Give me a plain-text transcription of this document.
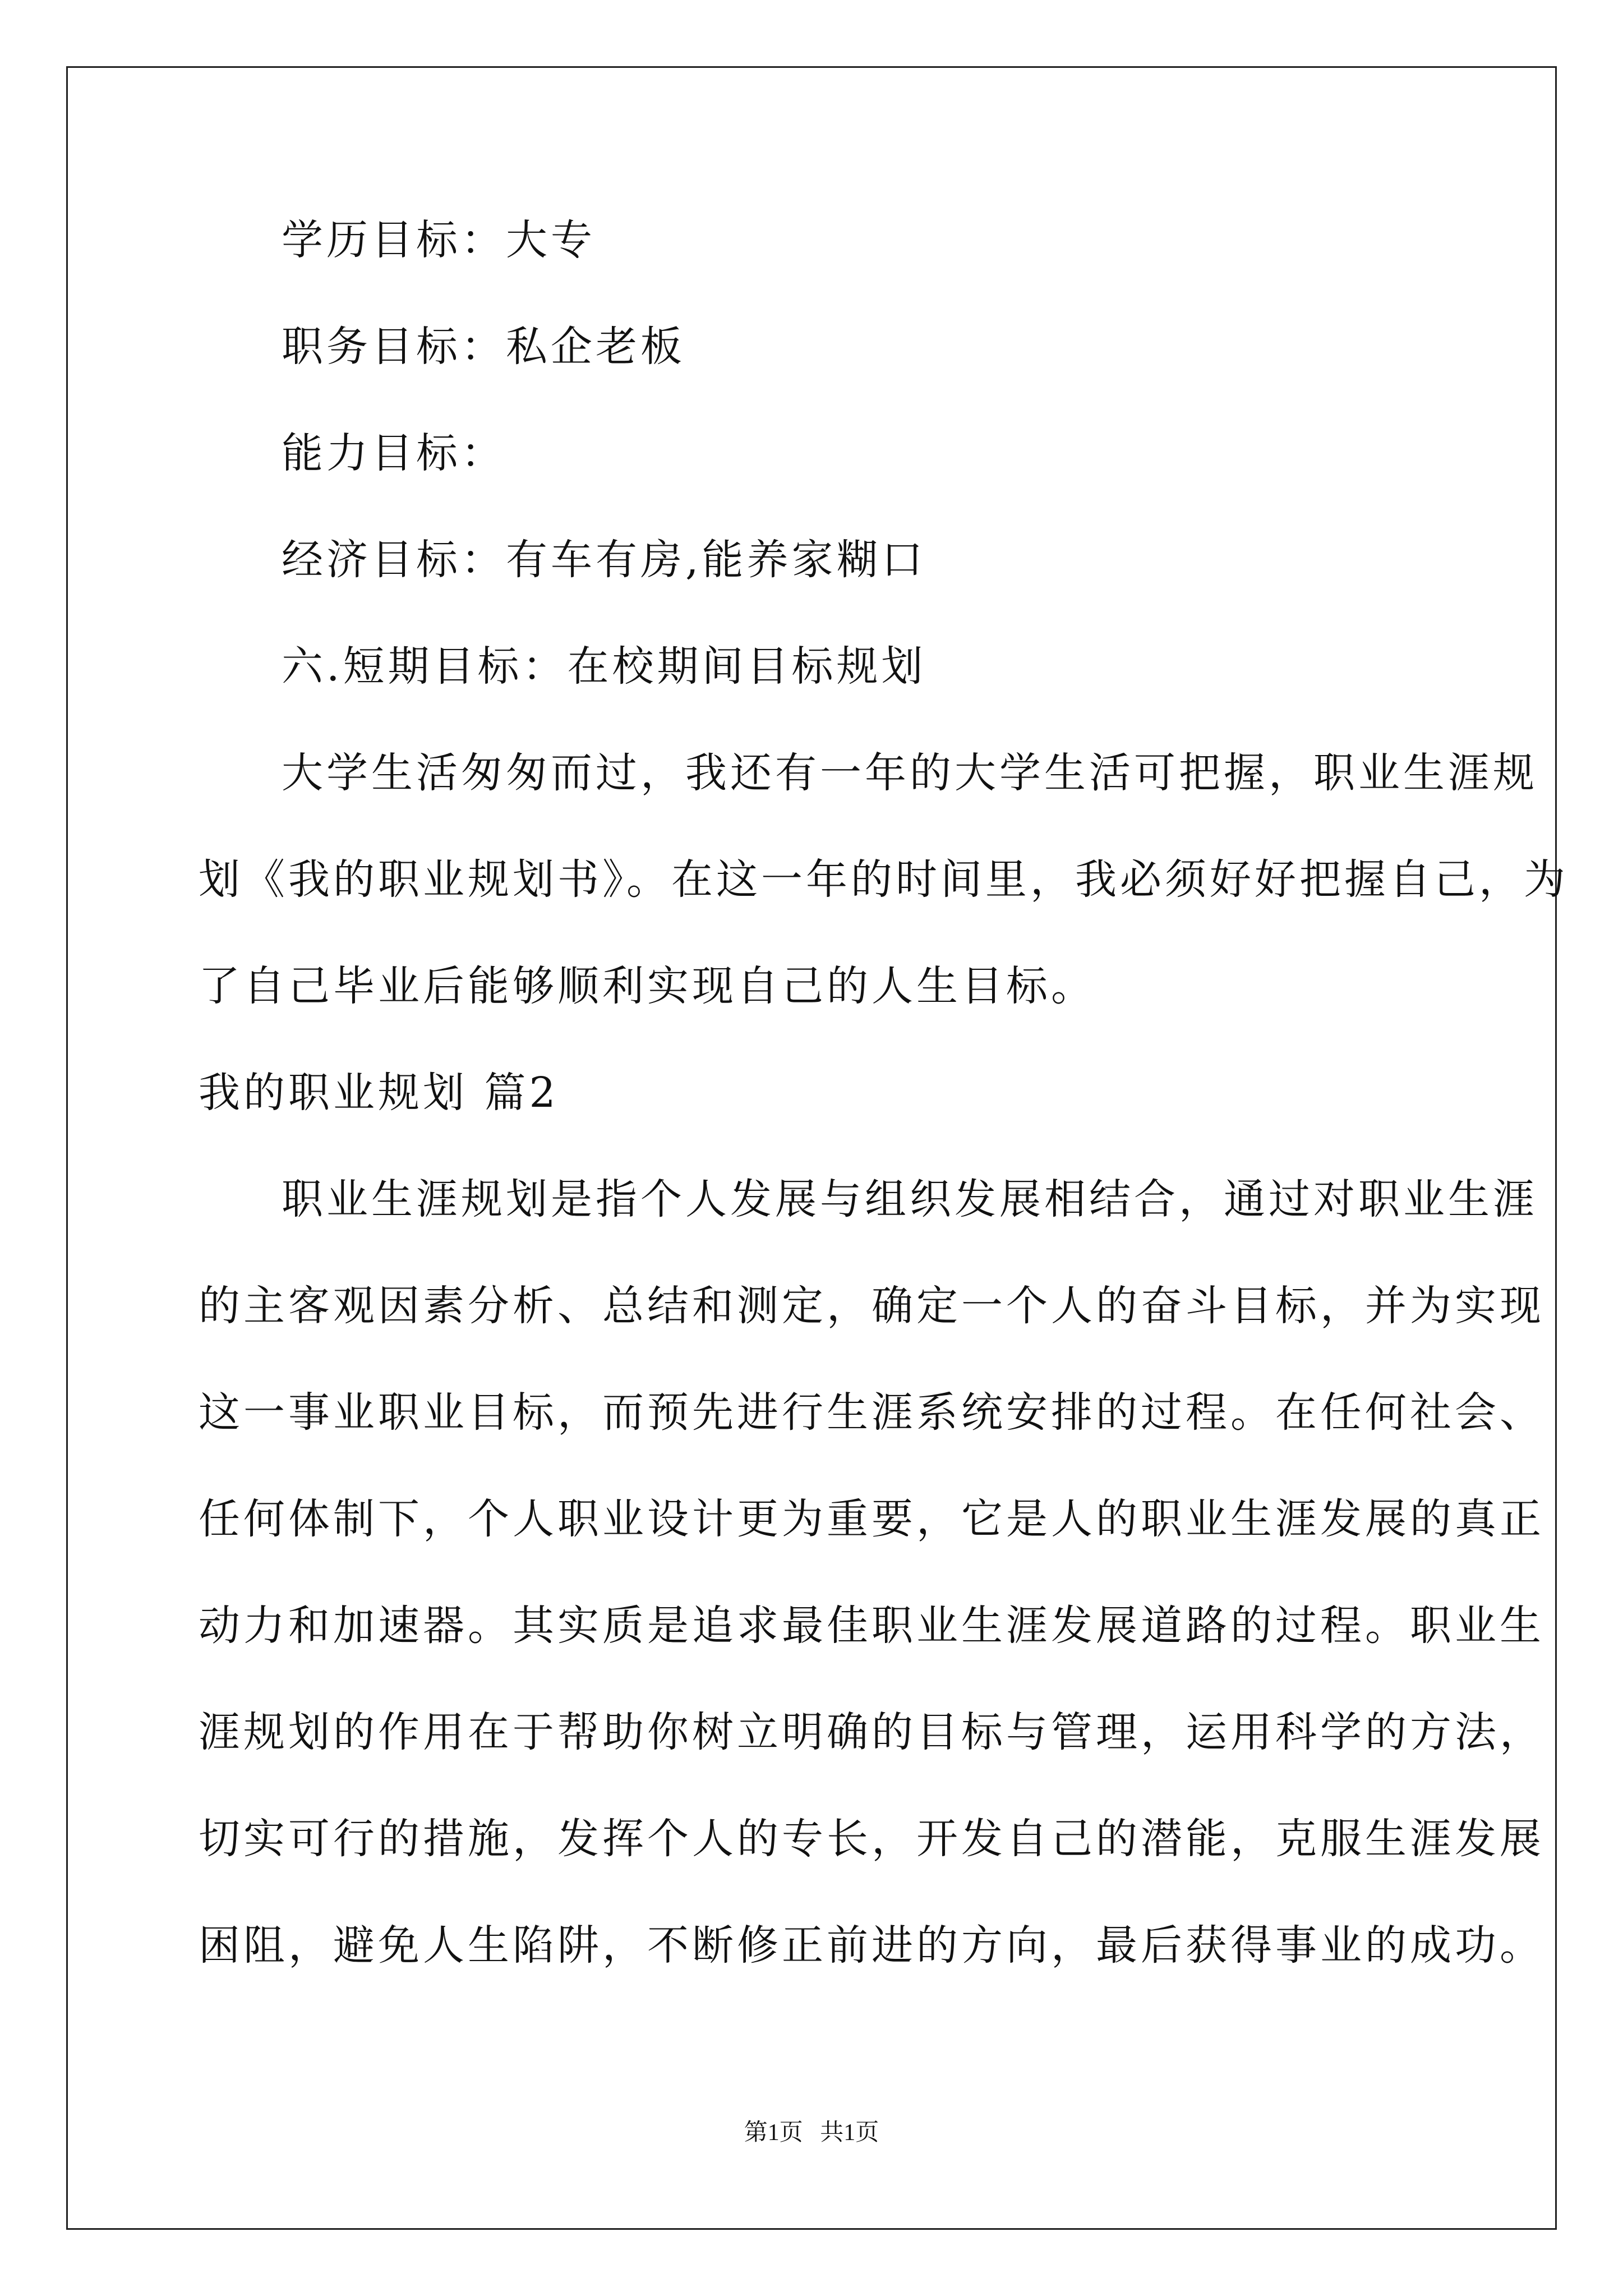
学历目标：大专
职务目标：私企老板
能力目标：
经济目标：有车有房,能养家糊口
六.短期目标：在校期间目标规划
大学生活匆匆而过，我还有一年的大学生活可把握，职业生涯规
划《我的职业规划书》。在这一年的时间里，我必须好好把握自己，为
了自己毕业后能够顺利实现自己的人生目标。
我的职业规划 篇2
职业生涯规划是指个人发展与组织发展相结合，通过对职业生涯
的主客观因素分析、总结和测定，确定一个人的奋斗目标，并为实现
这一事业职业目标，而预先进行生涯系统安排的过程。在任何社会、
任何体制下，个人职业设计更为重要，它是人的职业生涯发展的真正
动力和加速器。其实质是追求最佳职业生涯发展道路的过程。职业生
涯规划的作用在于帮助你树立明确的目标与管理，运用科学的方法，
切实可行的措施，发挥个人的专长，开发自己的潜能，克服生涯发展
困阻，避免人生陷阱，不断修正前进的方向，最后获得事业的成功。
第1页 共1页
